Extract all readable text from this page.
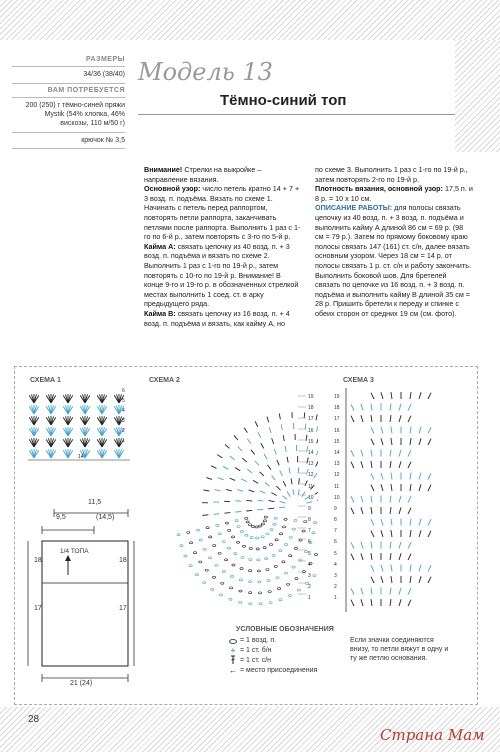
РАЗМЕРЫ
34/36 (38/40)
ВАМ ПОТРЕБУЕТСЯ
200 (250) г тёмно-синей пряжи
Mystik (54% хлопка, 46%
вискозы, 110 м/50 г)
крючок № 3,5
Модель 13
Тёмно-синий топ

Внимание! Стрелки на выкройке – направление вязания.

Основной узор: число петель кратно 14 + 7 + 3 возд. п. подъёма. Вязать по схеме 1. Начинать с петель перед раппортом, повторять петли раппорта, заканчивать петлями после раппорта. Выполнить 1 раз с 1-го по 6-й р., затем повторять с 3-го по 5-й р.

Кайма А: связать цепочку из 40 возд. п. + 3 возд. п. подъёма и вязать по схеме 2. Выполнить 1 раз с 1-го по 19-й р., затем повторять с 10-го по 19-й р. Внимание! В конце 9-го и 19-го р. в обозначенных стрелкой местах выполнить 1 соед. ст. в арку предыдущего ряда.

Кайма В: связать цепочку из 16 возд. п. + 4 возд. п. подъёма и вязать, как кайму А, но

по схеме 3. Выполнить 1 раз с 1-го по 19-й р., затем повторять 2-го по 19-й р.

Плотность вязания, основной узор: 17,5 п. и 8 р. = 10 х 10 см.

ОПИСАНИЕ РАБОТЫ: для полосы связать цепочку из 40 возд. п. + 3 возд. п. подъёма и выполнить кайму А длиной 86 см = 69 р. (98 см = 79 р.). Затем по прямому боковому краю полосы связать 147 (161) ст. с/н, далее вязать основным узором. Через 18 см = 14 р. от полосы связать 1 р. ст. с/н и работу закончить. Выполнить боковой шов. Для бретелей связать по цепочке из 16 возд. п. + 3 возд. п. подъёма и выполнить кайму В длиной 35 см = 28 р. Пришить бретели к переду и спинке с обеих сторон от средних 19 см (см. фото).

СХЕМА 1	СХЕМА 2	СХЕМА 3
6
5
4
3
2
1
14
11,5
9,5	(14,5)
18	18
17	17
1/4 ТОПА
21 (24)
19
18
17
16
15
14
13
12
11
10
9
8
7
6
5
4
3
2
1
19
18
17
16
15
14
13
12
11
10
9
8
7
6
5
4
3
2
1
УСЛОВНЫЕ ОБОЗНАЧЕНИЯ
= 1 возд. п.
+ = 1 ст. б/н
= 1 ст. с/н
← = место присоединения
Если значки соединяются внизу, то петли вяжут в одну и ту же петлю основания.
28
Страна Мам
